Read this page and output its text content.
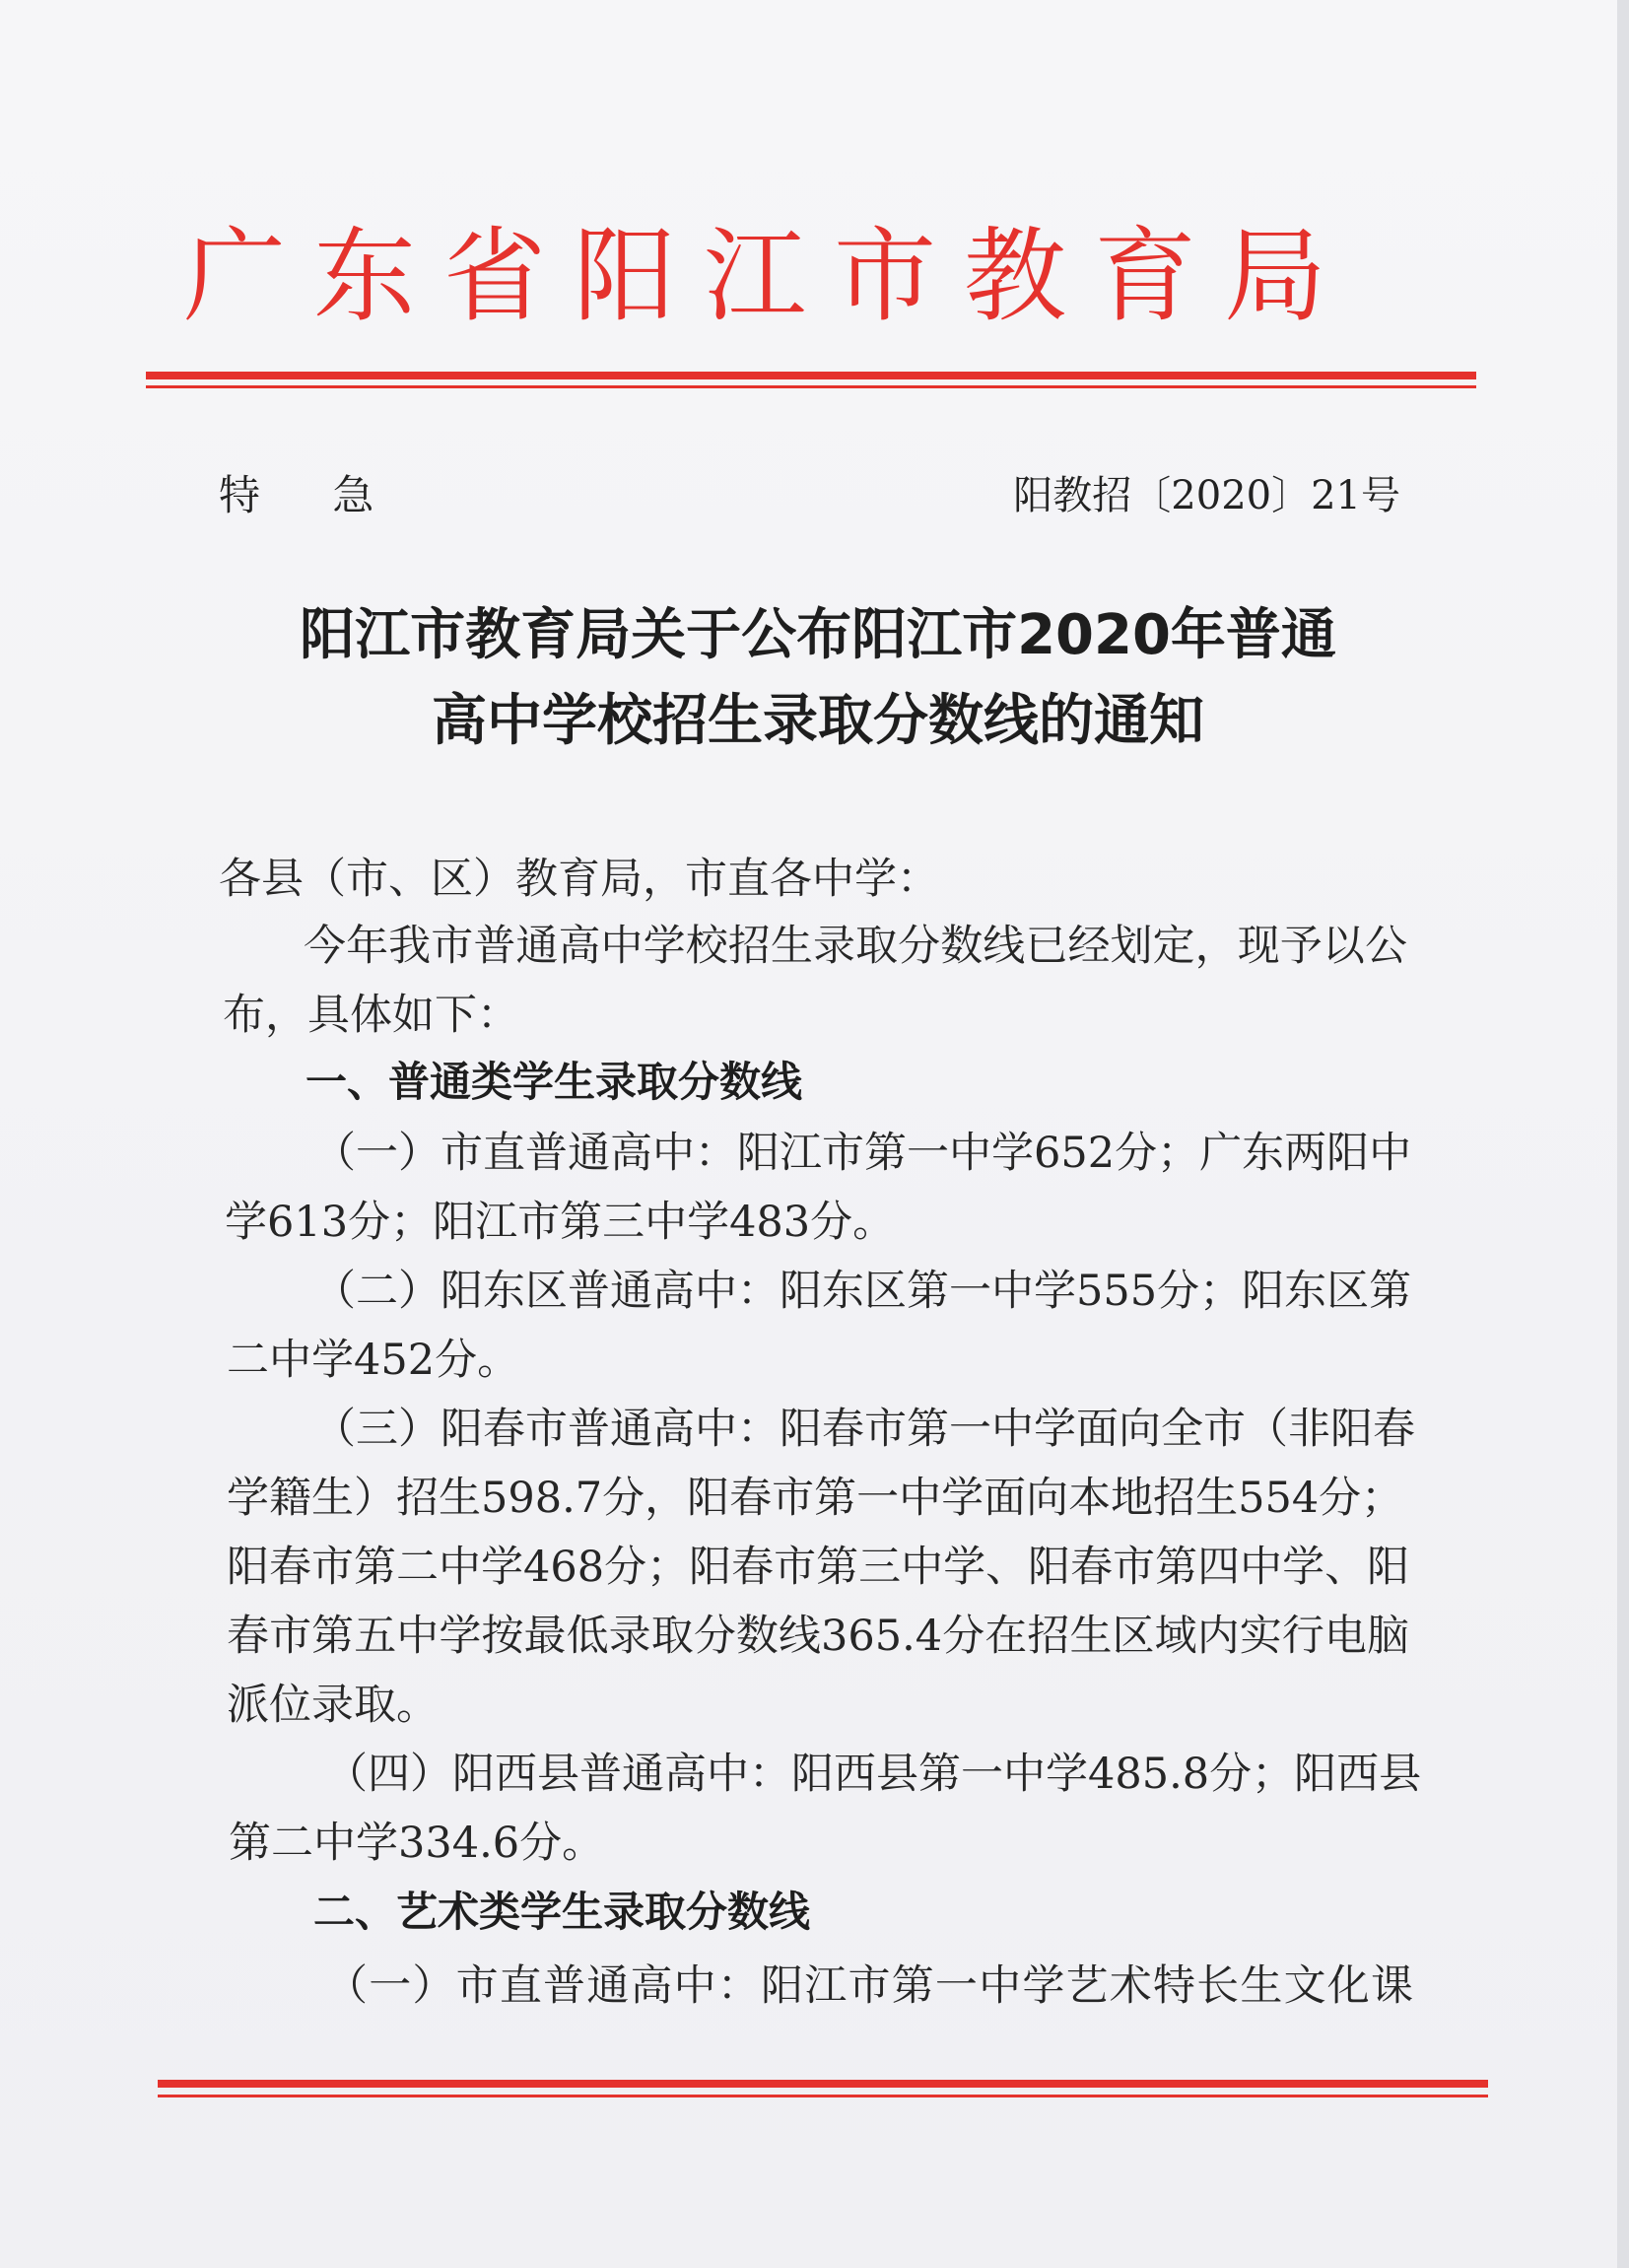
广东省阳江市教育局
特 急	阳教招〔2020〕21号
阳江市教育局关于公布阳江市2020年普通
高中学校招生录取分数线的通知
各县（市、区）教育局，市直各中学：
今年我市普通高中学校招生录取分数线已经划定，现予以公
布，具体如下：
一、普通类学生录取分数线
（一）市直普通高中：阳江市第一中学652分；广东两阳中
学613分；阳江市第三中学483分。
（二）阳东区普通高中：阳东区第一中学555分；阳东区第
二中学452分。
（三）阳春市普通高中：阳春市第一中学面向全市（非阳春
学籍生）招生598.7分，阳春市第一中学面向本地招生554分；
阳春市第二中学468分；阳春市第三中学、阳春市第四中学、阳
春市第五中学按最低录取分数线365.4分在招生区域内实行电脑
派位录取。
（四）阳西县普通高中：阳西县第一中学485.8分；阳西县
第二中学334.6分。
二、艺术类学生录取分数线
（一）市直普通高中：阳江市第一中学艺术特长生文化课
